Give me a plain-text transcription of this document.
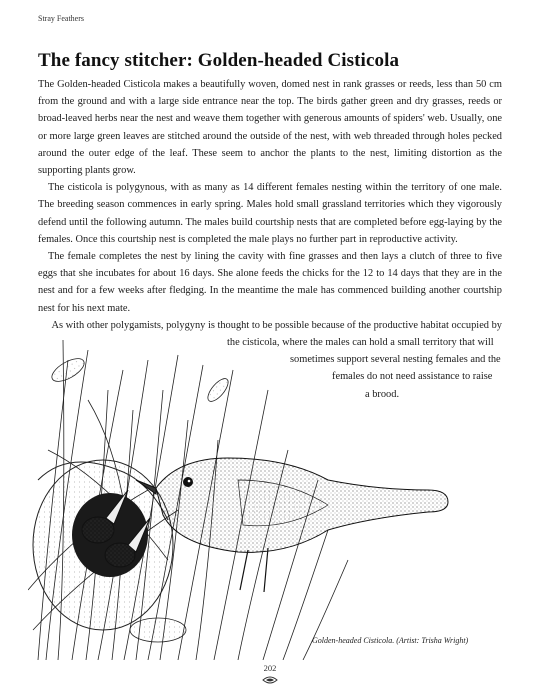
Stray Feathers
The fancy stitcher: Golden-headed Cisticola

The Golden-headed Cisticola makes a beautifully woven, domed nest in rank grasses or reeds, less than 50 cm from the ground and with a large side entrance near the top. The birds gather green and dry grasses, reeds or broad-leaved herbs near the nest and weave them together with generous amounts of spiders' web. Usually, one or more large green leaves are stitched around the outside of the nest, with web threaded through holes pecked around the outer edge of the leaf. These seem to anchor the plants to the nest, limiting distortion as the supporting plants grow.

The cisticola is polygynous, with as many as 14 different females nesting within the territory of one male. The breeding season commences in early spring. Males hold small grassland territories which they vigorously defend until the following autumn. The males build courtship nests that are completed before egg-laying by the females. Once this courtship nest is completed the male plays no further part in reproductive activity.

The female completes the nest by lining the cavity with fine grasses and then lays a clutch of three to five eggs that she incubates for about 16 days. She alone feeds the chicks for the 12 to 14 days that they are in the nest and for a few weeks after fledging. In the meantime the male has commenced building another courtship nest for his next mate.

As with other polygamists, polygyny is thought to be possible because of the productive habitat occupied by
the cisticola, where the males can hold a small territory that will
sometimes support several nesting females and the
females do not need assistance to raise
a brood.

Golden-headed Cisticola. (Artist: Trisha Wright)
202
